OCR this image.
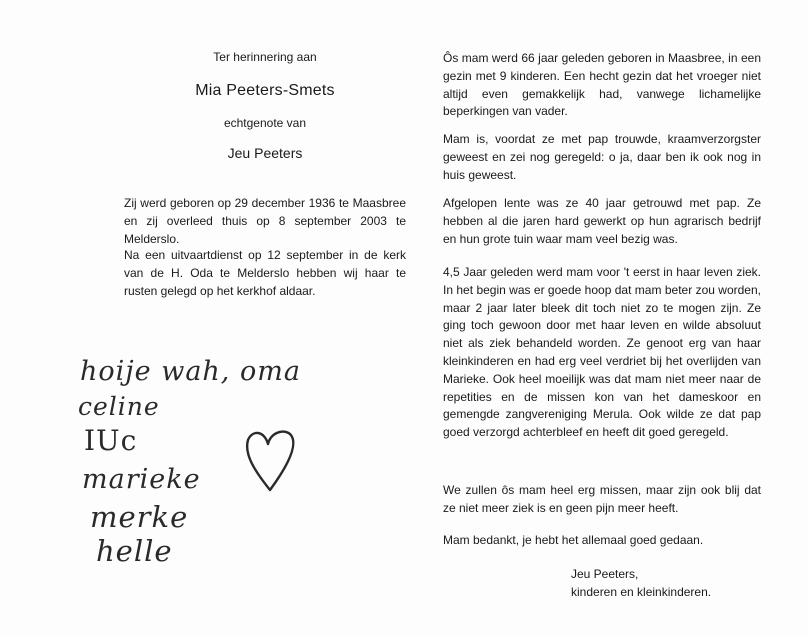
Ter herinnering aan
Mia Peeters-Smets
echtgenote van
Jeu Peeters

Zij werd geboren op 29 december 1936 te Maasbree en zij overleed thuis op 8 september 2003 te Melderslo.

Na een uitvaartdienst op 12 september in de kerk van de H. Oda te Melderslo hebben wij haar te rusten gelegd op het kerkhof aldaar.

hoije wah, oma
celine
IUc
marieke
merke
helle

Ôs mam werd 66 jaar geleden geboren in Maasbree, in een gezin met 9 kinderen. Een hecht gezin dat het vroeger niet altijd even gemakkelijk had, vanwege lichamelijke beperkingen van vader.

Mam is, voordat ze met pap trouwde, kraamverzorgster geweest en zei nog geregeld: o ja, daar ben ik ook nog in huis geweest.

Afgelopen lente was ze 40 jaar getrouwd met pap. Ze hebben al die jaren hard gewerkt op hun agrarisch bedrijf en hun grote tuin waar mam veel bezig was.

4,5 Jaar geleden werd mam voor 't eerst in haar leven ziek. In het begin was er goede hoop dat mam beter zou worden, maar 2 jaar later bleek dit toch niet zo te mogen zijn. Ze ging toch gewoon door met haar leven en wilde absoluut niet als ziek behandeld worden. Ze genoot erg van haar kleinkinderen en had erg veel verdriet bij het overlijden van Marieke. Ook heel moeilijk was dat mam niet meer naar de repetities en de missen kon van het dameskoor en gemengde zangvereniging Merula. Ook wilde ze dat pap goed verzorgd achterbleef en heeft dit goed geregeld.

We zullen ôs mam heel erg missen, maar zijn ook blij dat ze niet meer ziek is en geen pijn meer heeft.

Mam bedankt, je hebt het allemaal goed gedaan.

Jeu Peeters,
kinderen en kleinkinderen.
